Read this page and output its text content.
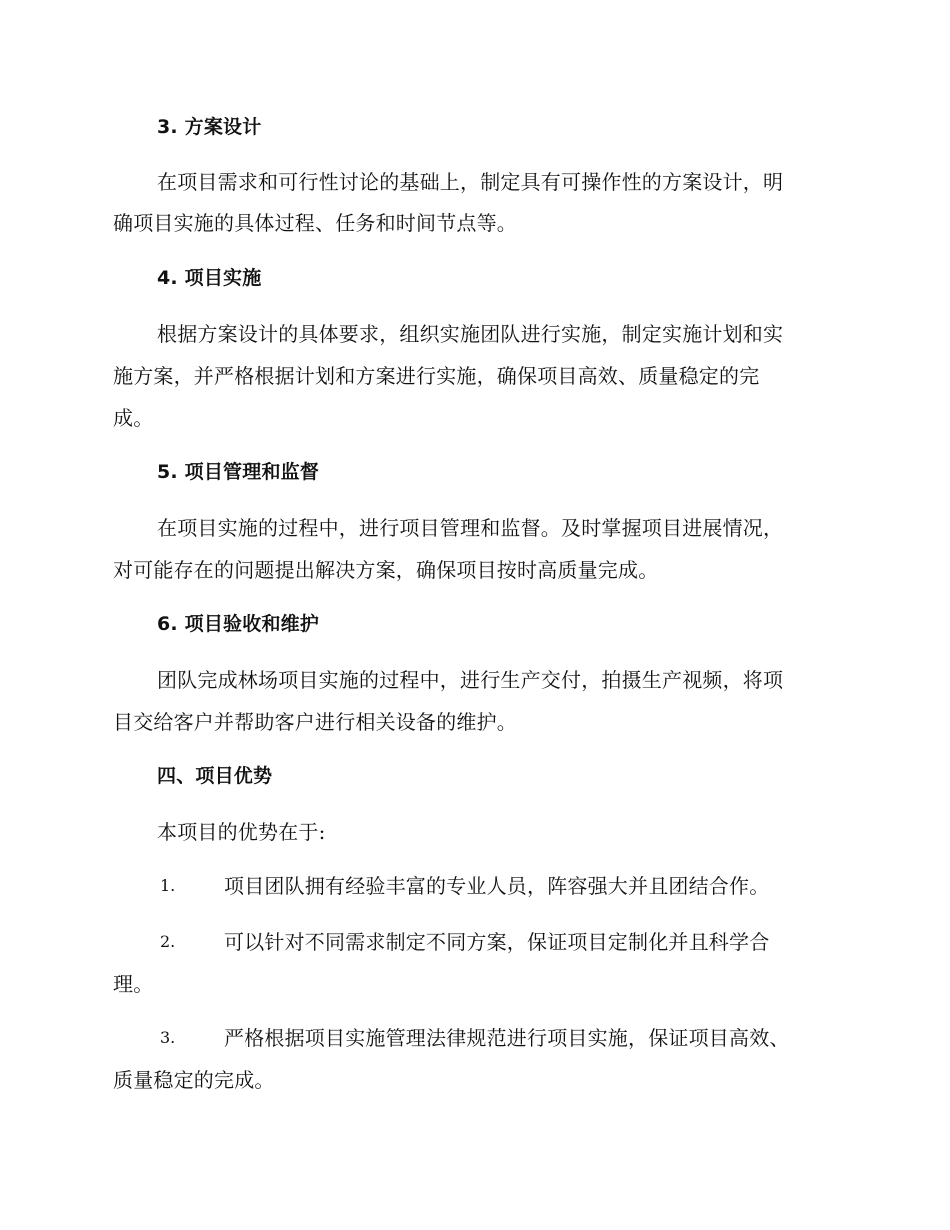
3. 方案设计
在项目需求和可行性讨论的基础上，制定具有可操作性的方案设计，明
确项目实施的具体过程、任务和时间节点等。
4. 项目实施
根据方案设计的具体要求，组织实施团队进行实施，制定实施计划和实
施方案，并严格根据计划和方案进行实施，确保项目高效、质量稳定的完
成。
5. 项目管理和监督
在项目实施的过程中，进行项目管理和监督。及时掌握项目进展情况，
对可能存在的问题提出解决方案，确保项目按时高质量完成。
6. 项目验收和维护
团队完成林场项目实施的过程中，进行生产交付，拍摄生产视频，将项
目交给客户并帮助客户进行相关设备的维护。
四、项目优势
本项目的优势在于:
1. 项目团队拥有经验丰富的专业人员，阵容强大并且团结合作。
2. 可以针对不同需求制定不同方案，保证项目定制化并且科学合
理。
3. 严格根据项目实施管理法律规范进行项目实施，保证项目高效、
质量稳定的完成。
